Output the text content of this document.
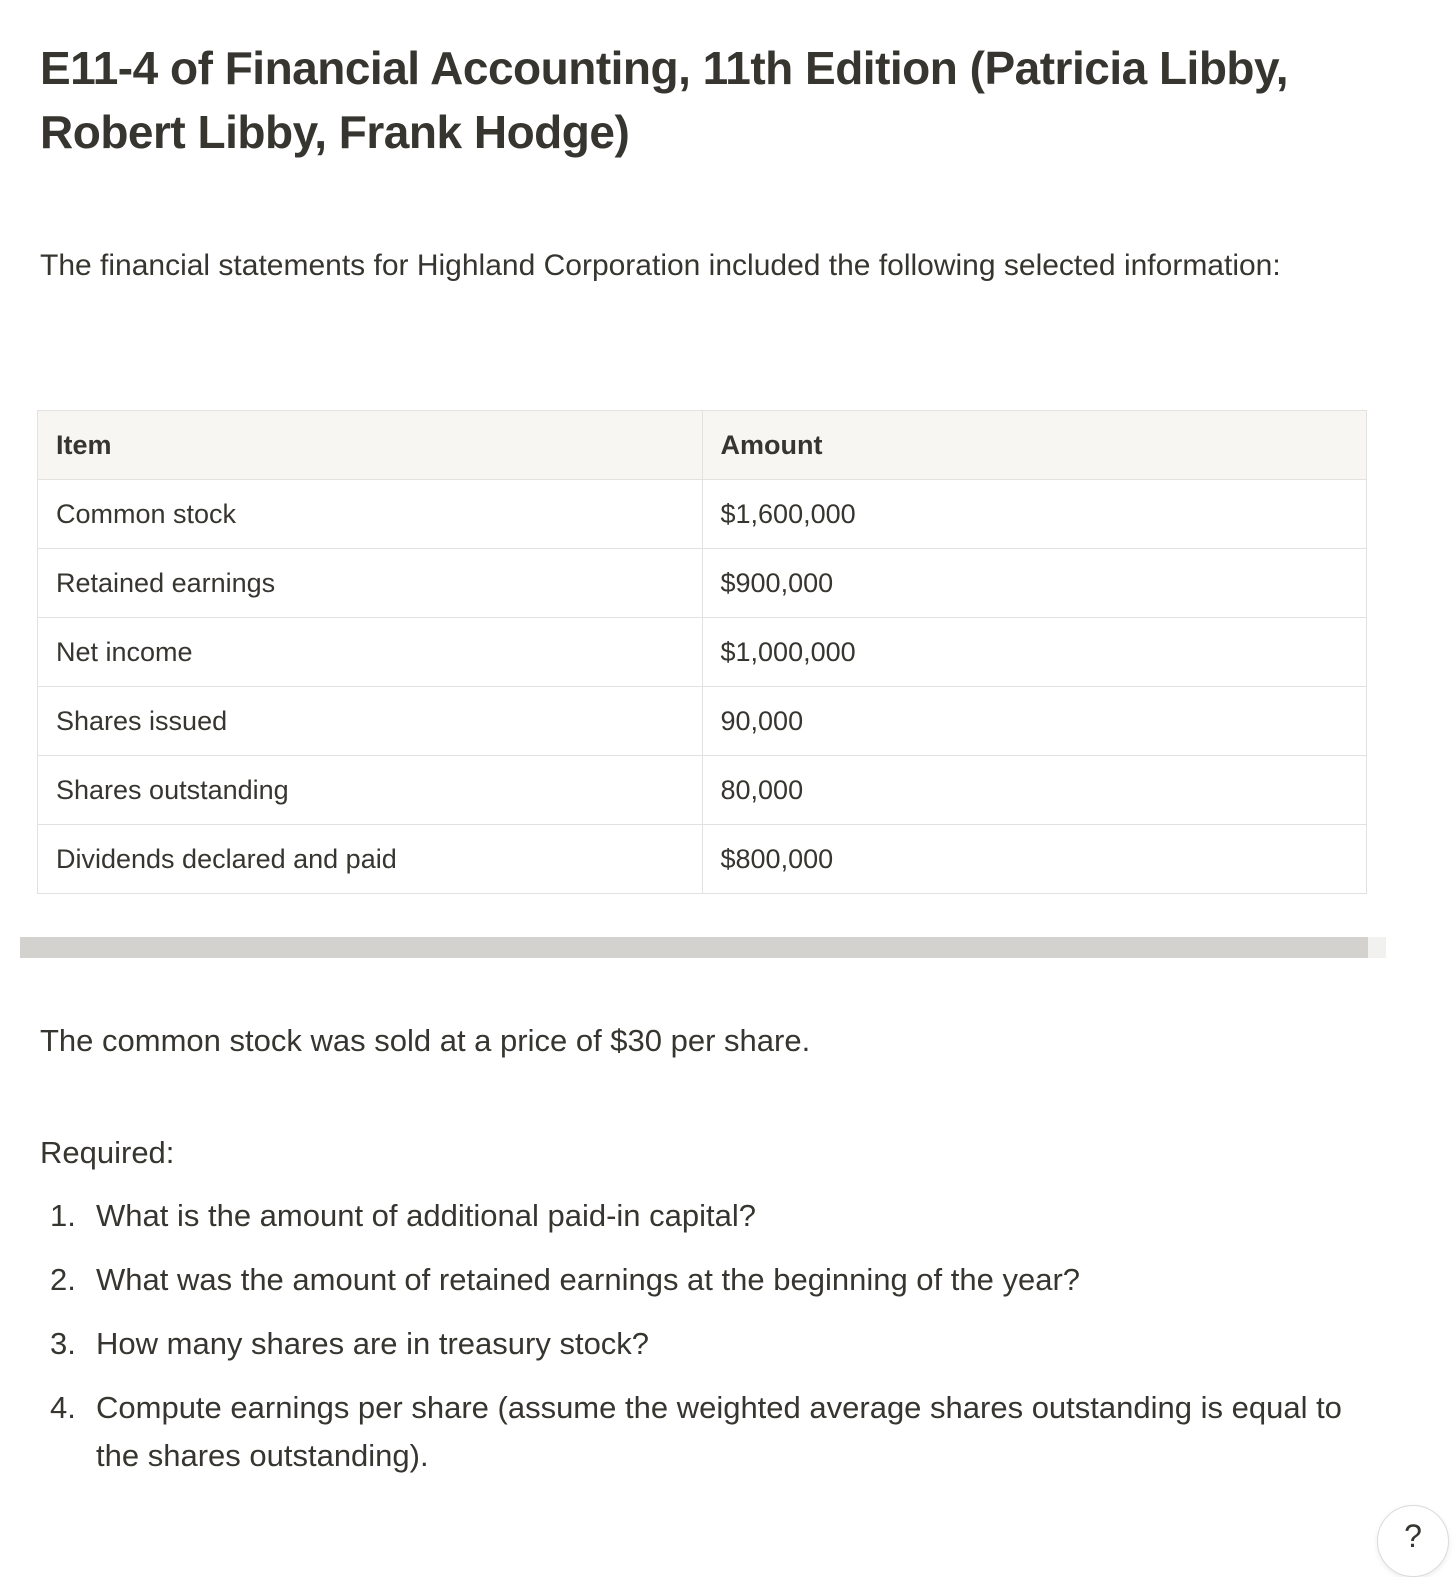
E11-4 of Financial Accounting, 11th Edition (Patricia Libby, Robert Libby, Frank Hodge)

The financial statements for Highland Corporation included the following selected information:

Item	Amount
Common stock	$1,600,000
Retained earnings	$900,000
Net income	$1,000,000
Shares issued	90,000
Shares outstanding	80,000
Dividends declared and paid	$800,000

The common stock was sold at a price of $30 per share.

Required:

1. What is the amount of additional paid-in capital?
2. What was the amount of retained earnings at the beginning of the year?
3. How many shares are in treasury stock?
4. Compute earnings per share (assume the weighted average shares outstanding is equal to the shares outstanding).
?
